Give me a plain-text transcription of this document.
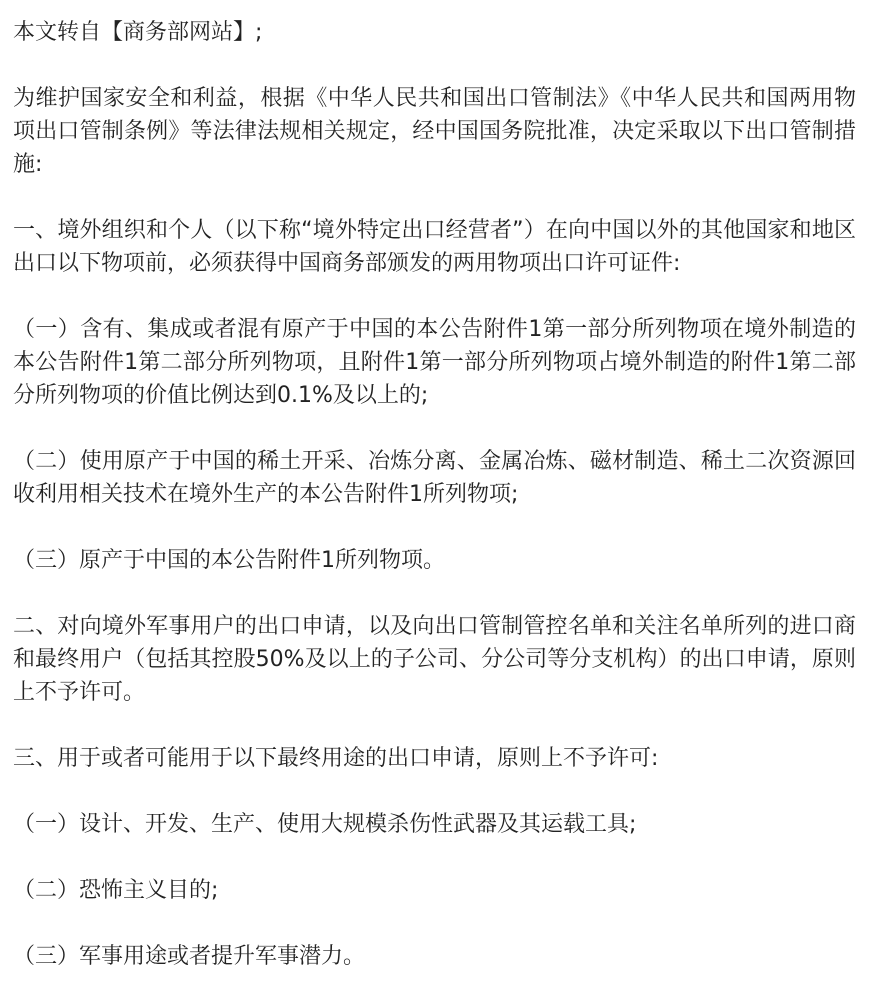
本文转自【商务部网站】;

为维护国家安全和利益，根据《中华人民共和国出口管制法》《中华人民共和国两用物项出口管制条例》等法律法规相关规定，经中国国务院批准，决定采取以下出口管制措施:

一、境外组织和个人（以下称“境外特定出口经营者”）在向中国以外的其他国家和地区出口以下物项前，必须获得中国商务部颁发的两用物项出口许可证件:

（一）含有、集成或者混有原产于中国的本公告附件1第一部分所列物项在境外制造的本公告附件1第二部分所列物项，且附件1第一部分所列物项占境外制造的附件1第二部分所列物项的价值比例达到0.1%及以上的;

（二）使用原产于中国的稀土开采、冶炼分离、金属冶炼、磁材制造、稀土二次资源回收利用相关技术在境外生产的本公告附件1所列物项;

（三）原产于中国的本公告附件1所列物项。

二、对向境外军事用户的出口申请，以及向出口管制管控名单和关注名单所列的进口商和最终用户（包括其控股50%及以上的子公司、分公司等分支机构）的出口申请，原则上不予许可。

三、用于或者可能用于以下最终用途的出口申请，原则上不予许可:

（一）设计、开发、生产、使用大规模杀伤性武器及其运载工具;

（二）恐怖主义目的;

（三）军事用途或者提升军事潜力。
